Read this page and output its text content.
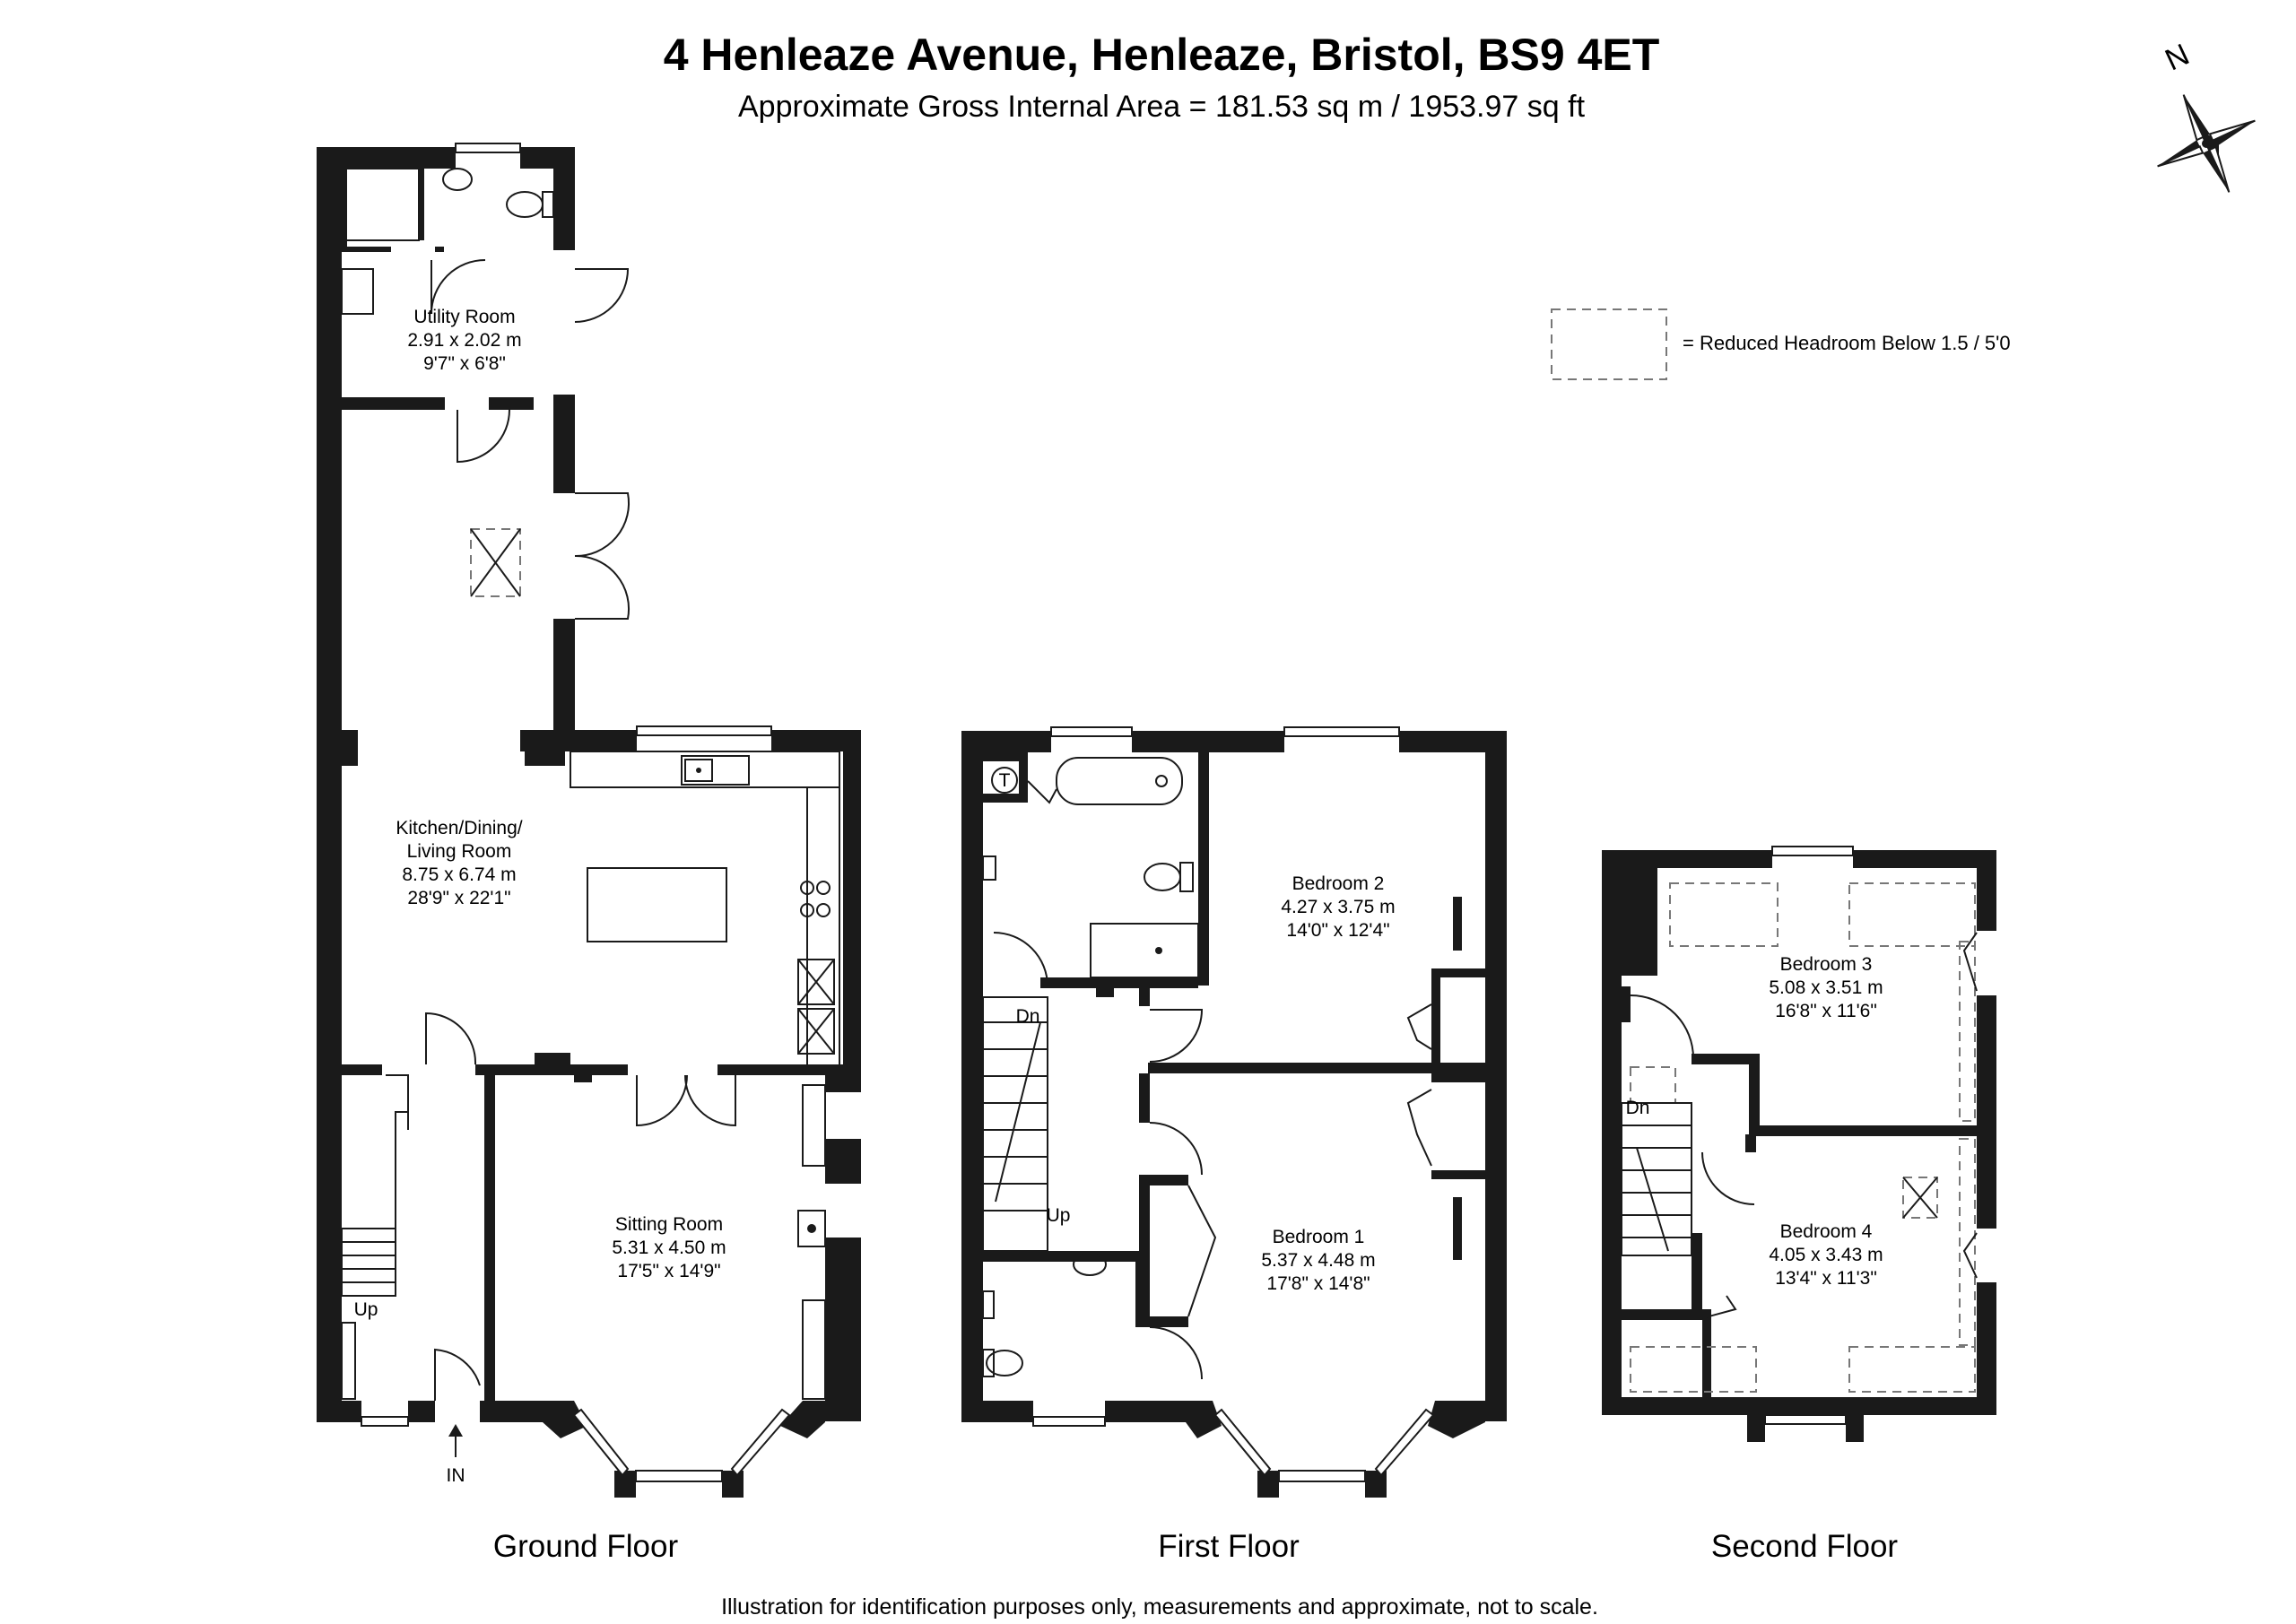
4 Henleaze Avenue, Henleaze, Bristol, BS9 4ET
Approximate Gross Internal Area = 181.53 sq m / 1953.97 sq ft
N
= Reduced Headroom Below 1.5 / 5'0
Utility Room
2.91 x 2.02 m
9'7" x 6'8"
Kitchen/Dining/
Living Room
8.75 x 6.74 m
28'9" x 22'1"
Sitting Room
5.31 x 4.50 m
17'5" x 14'9"
Up
IN
T
Bedroom 2
4.27 x 3.75 m
14'0" x 12'4"
Bedroom 1
5.37 x 4.48 m
17'8" x 14'8"
Dn
Up
Bedroom 3
5.08 x 3.51 m
16'8" x 11'6"
Bedroom 4
4.05 x 3.43 m
13'4" x 11'3"
Dn
Ground Floor	First Floor	Second Floor
Illustration for identification purposes only, measurements and approximate, not to scale.
